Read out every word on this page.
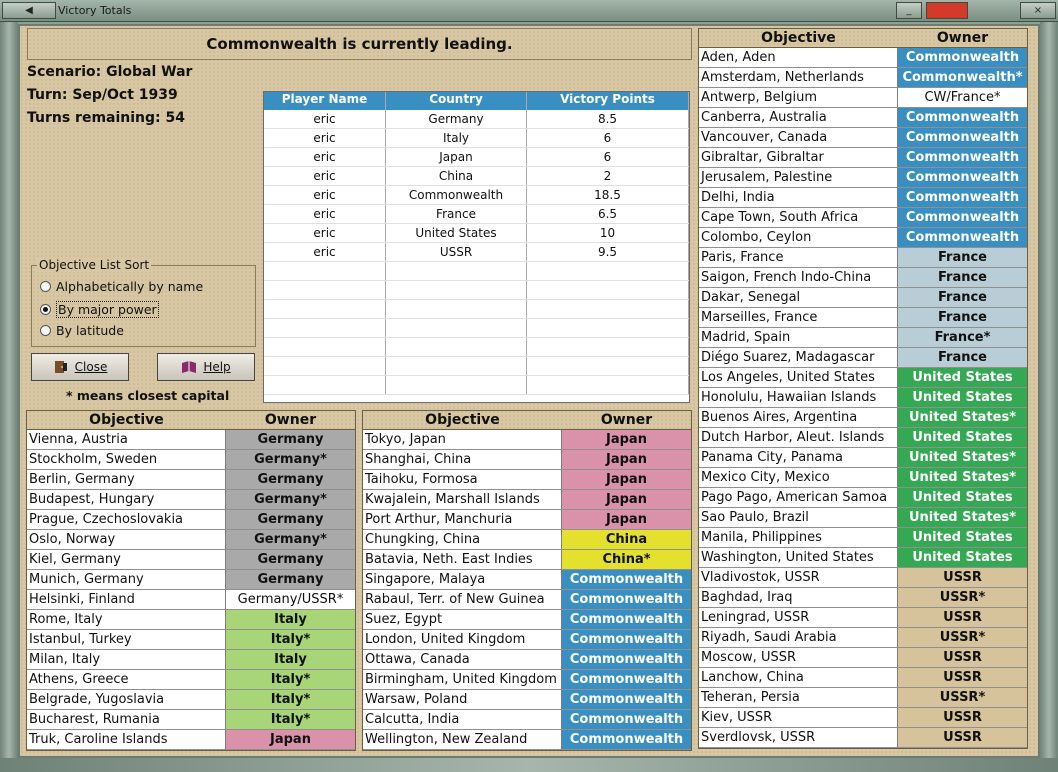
◀	Victory Totals	_	×
Commonwealth is currently leading.
Scenario: Global War
Turn: Sep/Oct 1939
Turns remaining: 54
Player Name	Country	Victory Points
eric	Germany	8.5
eric	Italy	6
eric	Japan	6
eric	China	2
eric	Commonwealth	18.5
eric	France	6.5
eric	United States	10
eric	USSR	9.5
Objective List Sort
Alphabetically by name
By major power
By latitude
Close	Help
* means closest capital
Objective	Owner
Vienna, Austria	Germany
Stockholm, Sweden	Germany*
Berlin, Germany	Germany
Budapest, Hungary	Germany*
Prague, Czechoslovakia	Germany
Oslo, Norway	Germany*
Kiel, Germany	Germany
Munich, Germany	Germany
Helsinki, Finland	Germany/USSR*
Rome, Italy	Italy
Istanbul, Turkey	Italy*
Milan, Italy	Italy
Athens, Greece	Italy*
Belgrade, Yugoslavia	Italy*
Bucharest, Rumania	Italy*
Truk, Caroline Islands	Japan
Objective	Owner
Tokyo, Japan	Japan
Shanghai, China	Japan
Taihoku, Formosa	Japan
Kwajalein, Marshall Islands	Japan
Port Arthur, Manchuria	Japan
Chungking, China	China
Batavia, Neth. East Indies	China*
Singapore, Malaya	Commonwealth
Rabaul, Terr. of New Guinea	Commonwealth
Suez, Egypt	Commonwealth
London, United Kingdom	Commonwealth
Ottawa, Canada	Commonwealth
Birmingham, United Kingdom Commonwealth
Warsaw, Poland	Commonwealth
Calcutta, India	Commonwealth
Wellington, New Zealand	Commonwealth
Objective	Owner
Aden, Aden	Commonwealth
Amsterdam, Netherlands	Commonwealth*
Antwerp, Belgium	CW/France*
Canberra, Australia	Commonwealth
Vancouver, Canada	Commonwealth
Gibraltar, Gibraltar	Commonwealth
Jerusalem, Palestine	Commonwealth
Delhi, India	Commonwealth
Cape Town, South Africa	Commonwealth
Colombo, Ceylon	Commonwealth
Paris, France	France
Saigon, French Indo-China	France
Dakar, Senegal	France
Marseilles, France	France
Madrid, Spain	France*
Diégo Suarez, Madagascar	France
Los Angeles, United States	United States
Honolulu, Hawaiian Islands	United States
Buenos Aires, Argentina	United States*
Dutch Harbor, Aleut. Islands	United States
Panama City, Panama	United States*
Mexico City, Mexico	United States*
Pago Pago, American Samoa	United States
Sao Paulo, Brazil	United States*
Manila, Philippines	United States
Washington, United States	United States
Vladivostok, USSR	USSR
Baghdad, Iraq	USSR*
Leningrad, USSR	USSR
Riyadh, Saudi Arabia	USSR*
Moscow, USSR	USSR
Lanchow, China	USSR
Teheran, Persia	USSR*
Kiev, USSR	USSR
Sverdlovsk, USSR	USSR
